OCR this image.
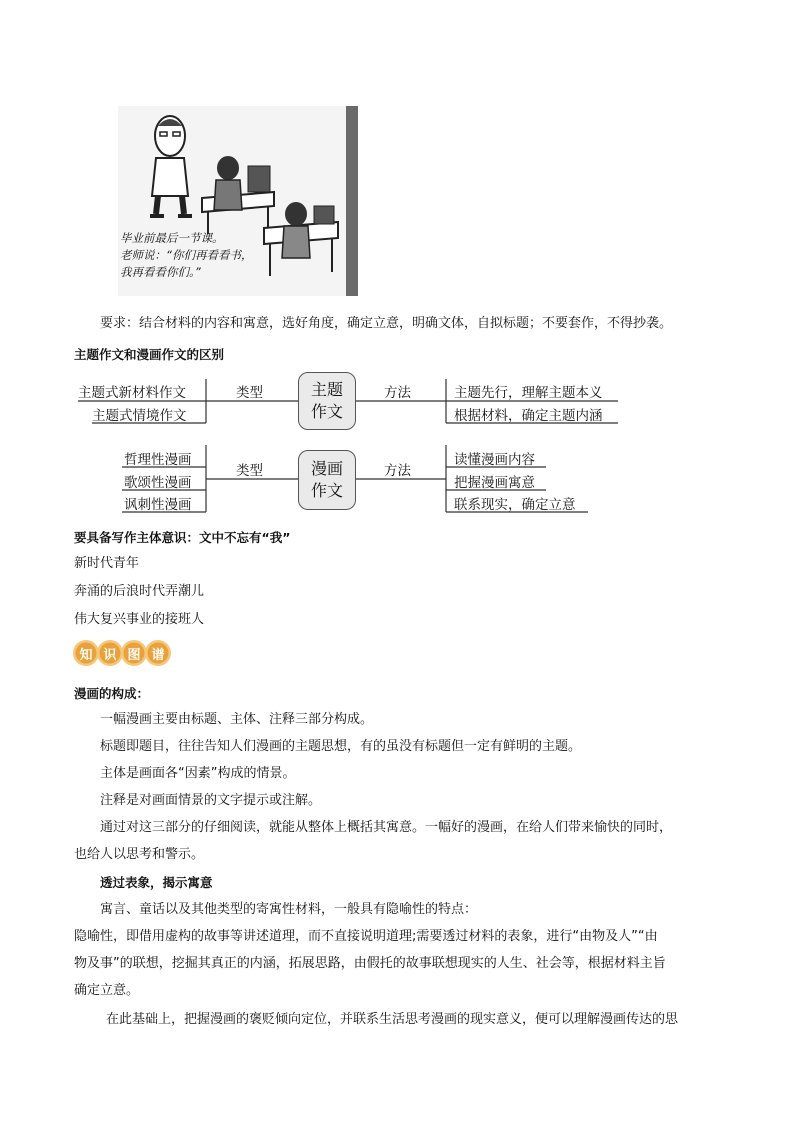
毕业前最后一节课。
老师说：“你们再看看书，
我再看看你们。”
要求：结合材料的内容和寓意，选好角度，确定立意，明确文体，自拟标题；不要套作，不得抄袭。
主题作文和漫画作文的区别
主题式新材料作文
主题式情境作文
类型	主题
作文
方法	主题先行，理解主题本义
根据材料，确定主题内涵
哲理性漫画
歌颂性漫画
讽刺性漫画
类型	漫画
作文
方法
读懂漫画内容
把握漫画寓意
联系现实，确定立意
要具备写作主体意识：文中不忘有“我”
新时代青年
奔涌的后浪时代弄潮儿
伟大复兴事业的接班人
知 识 图 谱
漫画的构成：
一幅漫画主要由标题、主体、注释三部分构成。
标题即题目，往往告知人们漫画的主题思想，有的虽没有标题但一定有鲜明的主题。
主体是画面各“因素”构成的情景。
注释是对画面情景的文字提示或注解。
通过对这三部分的仔细阅读，就能从整体上概括其寓意。一幅好的漫画，在给人们带来愉快的同时，
也给人以思考和警示。
透过表象，揭示寓意
寓言、童话以及其他类型的寄寓性材料，一般具有隐喻性的特点：
隐喻性，即借用虚构的故事等讲述道理，而不直接说明道理;需要透过材料的表象，进行“由物及人”“由
物及事”的联想，挖掘其真正的内涵，拓展思路，由假托的故事联想现实的人生、社会等，根据材料主旨
确定立意。
在此基础上，把握漫画的褒贬倾向定位，并联系生活思考漫画的现实意义，便可以理解漫画传达的思
